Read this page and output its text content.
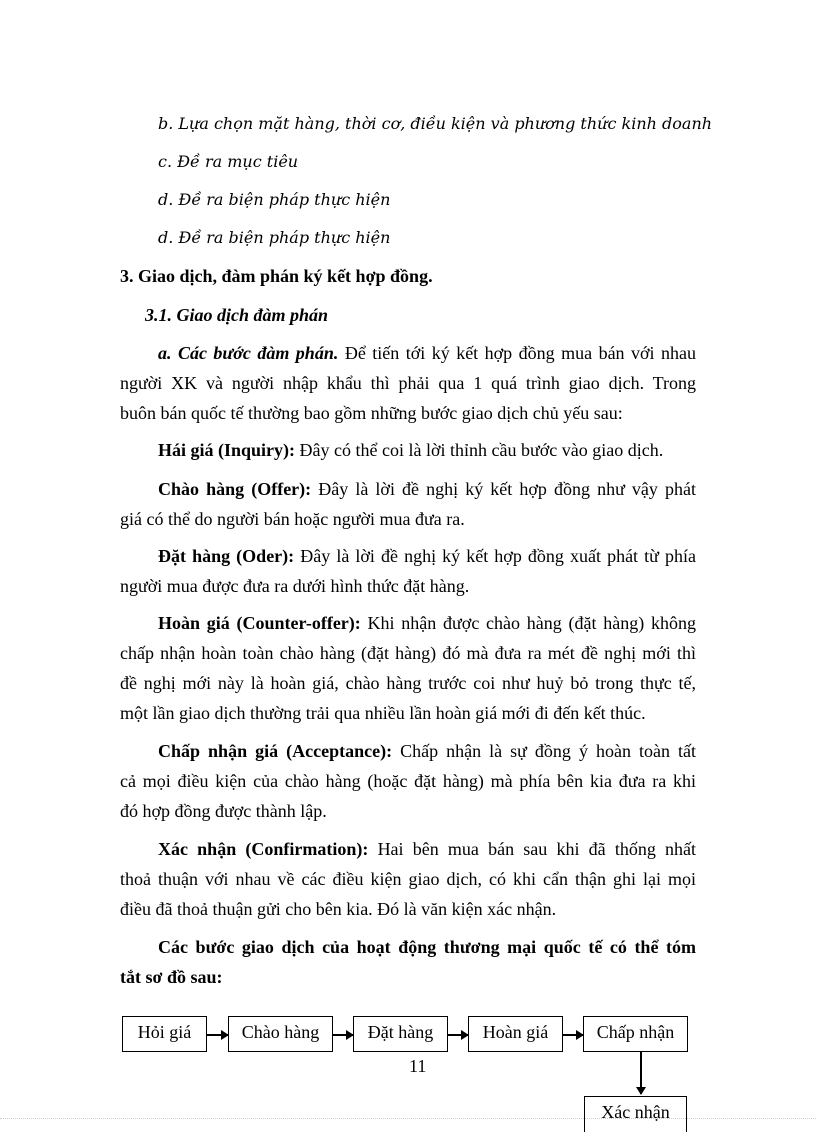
b. Lựa chọn mặt hàng, thời cơ, điều kiện và phương thức kinh doanh
c. Đề ra mục tiêu
d. Đề ra biện pháp thực hiện
d. Đề ra biện pháp thực hiện
3. Giao dịch, đàm phán ký kết hợp đồng.
3.1. Giao dịch đàm phán
a. Các bước đàm phán. Để tiến tới ký kết hợp đồng mua bán với nhau
người XK và người nhập khẩu thì phải qua 1 quá trình giao dịch. Trong
buôn bán quốc tế thường bao gồm những bước giao dịch chủ yếu sau:
Hái giá (Inquiry): Đây có thể coi là lời thỉnh cầu bước vào giao dịch.
Chào hàng (Offer): Đây là lời đề nghị ký kết hợp đồng như vậy phát
giá có thể do người bán hoặc người mua đưa ra.
Đặt hàng (Oder): Đây là lời đề nghị ký kết hợp đồng xuất phát từ phía
người mua được đưa ra dưới hình thức đặt hàng.
Hoàn giá (Counter-offer): Khi nhận được chào hàng (đặt hàng) không
chấp nhận hoàn toàn chào hàng (đặt hàng) đó mà đưa ra mét đề nghị mới thì
đề nghị mới này là hoàn giá, chào hàng trước coi như huỷ bỏ trong thực tế,
một lần giao dịch thường trải qua nhiều lần hoàn giá mới đi đến kết thúc.
Chấp nhận giá (Acceptance): Chấp nhận là sự đồng ý hoàn toàn tất
cả mọi điều kiện của chào hàng (hoặc đặt hàng) mà phía bên kia đưa ra khi
đó hợp đồng được thành lập.
Xác nhận (Confirmation): Hai bên mua bán sau khi đã thống nhất
thoả thuận với nhau về các điều kiện giao dịch, có khi cẩn thận ghi lại mọi
điều đã thoả thuận gửi cho bên kia. Đó là văn kiện xác nhận.
Các bước giao dịch của hoạt động thương mại quốc tế có thể tóm
tắt sơ đồ sau:
Hỏi giá	Chào hàng	Đặt hàng	Hoàn giá	Chấp nhận
Xác nhận
11
